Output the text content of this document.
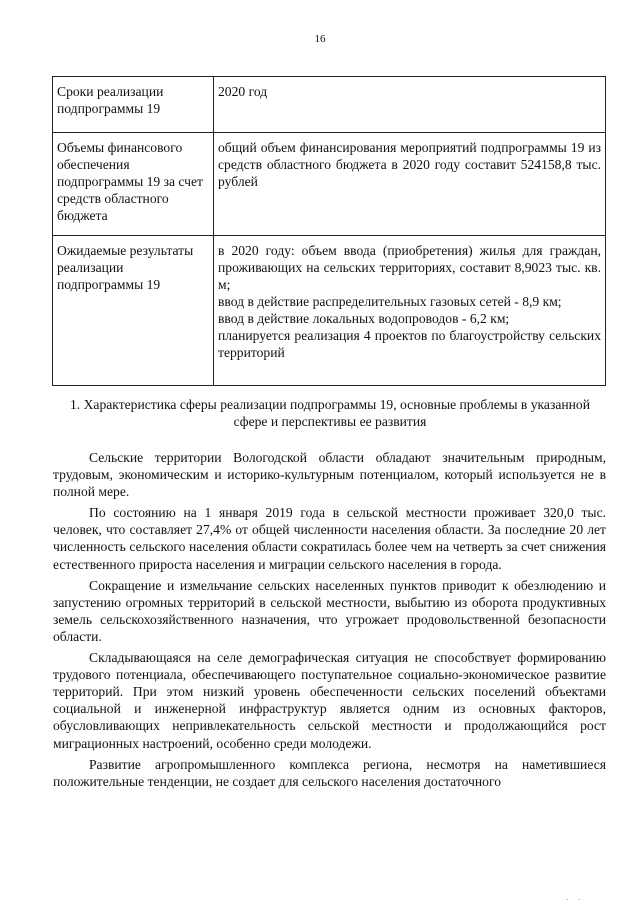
16
Сроки реализации подпрограммы 19	2020 год

Объемы финансового обеспечения подпрограммы 19 за счет средств областного бюджета	общий объем финансирования мероприятий подпрограммы 19 из средств областного бюджета в 2020 году составит 524158,8 тыс. рублей

Ожидаемые результаты реализации подпрограммы 19	в 2020 году: объем ввода (приобретения) жилья для граждан, проживающих на сельских территориях, составит 8,9023 тыс. кв. м;
ввод в действие распределительных газовых сетей - 8,9 км;
ввод в действие локальных водопроводов - 6,2 км;
планируется реализация 4 проектов по благоустройству сельских территорий
1. Характеристика сферы реализации подпрограммы 19, основные проблемы в указанной сфере и перспективы ее развития

Сельские территории Вологодской области обладают значительным природным, трудовым, экономическим и историко-культурным потенциалом, который используется не в полной мере.

По состоянию на 1 января 2019 года в сельской местности проживает 320,0 тыс. человек, что составляет 27,4% от общей численности населения области. За последние 20 лет численность сельского населения области сократилась более чем на четверть за счет снижения естественного прироста населения и миграции сельского населения в города.

Сокращение и измельчание сельских населенных пунктов приводит к обезлюдению и запустению огромных территорий в сельской местности, выбытию из оборота продуктивных земель сельскохозяйственного назначения, что угрожает продовольственной безопасности области.

Складывающаяся на селе демографическая ситуация не способствует формированию трудового потенциала, обеспечивающего поступательное социально-экономическое развитие территорий. При этом низкий уровень обеспеченности сельских поселений объектами социальной и инженерной инфраструктур является одним из основных факторов, обусловливающих непривлекательность сельской местности и продолжающийся рост миграционных настроений, особенно среди молодежи.

Развитие агропромышленного комплекса региона, несмотря на наметившиеся положительные тенденции, не создает для сельского населения достаточного

· ·
